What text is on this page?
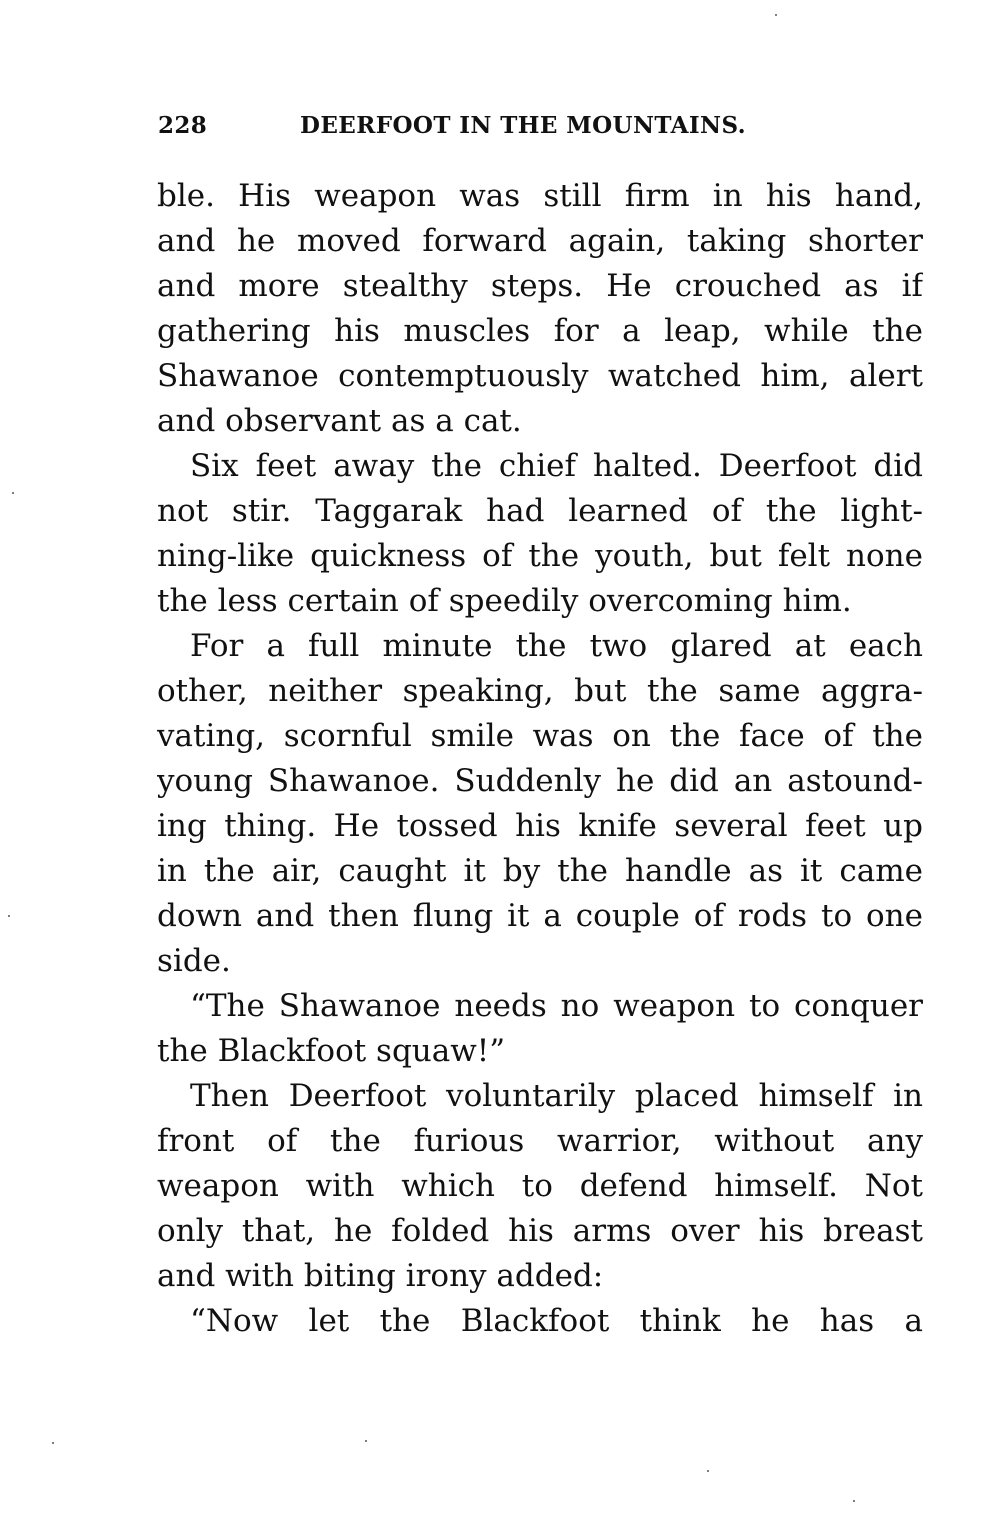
228	DEERFOOT IN THE MOUNTAINS.
ble. His weapon was still firm in his hand,
and he moved forward again, taking shorter
and more stealthy steps. He crouched as if
gathering his muscles for a leap, while the
Shawanoe contemptuously watched him, alert
and observant as a cat.
Six feet away the chief halted. Deerfoot did
not stir. Taggarak had learned of the light-
ning-like quickness of the youth, but felt none
the less certain of speedily overcoming him.
For a full minute the two glared at each
other, neither speaking, but the same aggra-
vating, scornful smile was on the face of the
young Shawanoe. Suddenly he did an astound-
ing thing. He tossed his knife several feet up
in the air, caught it by the handle as it came
down and then flung it a couple of rods to one
side.
“The Shawanoe needs no weapon to conquer
the Blackfoot squaw!”
Then Deerfoot voluntarily placed himself in
front of the furious warrior, without any
weapon with which to defend himself. Not
only that, he folded his arms over his breast
and with biting irony added:
“Now let the Blackfoot think he has a
